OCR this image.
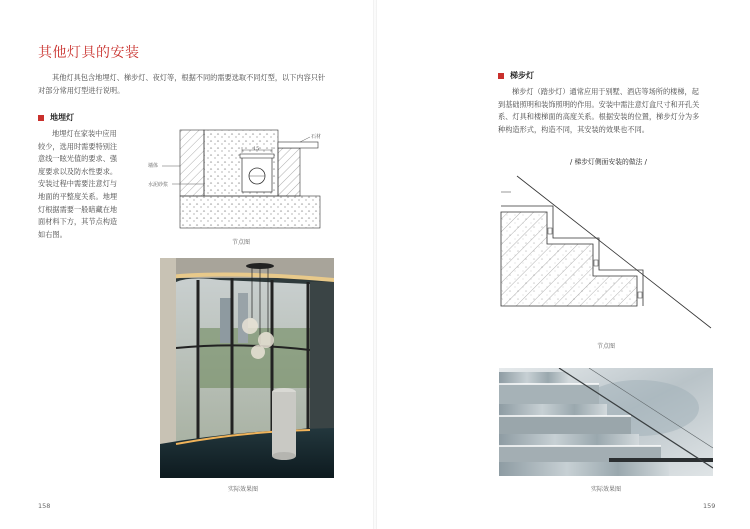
其他灯具的安装
其他灯具包含地埋灯、梯步灯、夜灯等，根据不同的需要选取不同灯型，以下内容只针
对部分常用灯型进行说明。
地埋灯
地埋灯在家装中应用
较少，选用时需要特别注
意线一眩光值的要求、强
度要求以及防水性要求。
安装过程中需要注意灯与
地面的平整度关系。地埋
灯根据需要一般暗藏在地
面材料下方，其节点构造
如右图。
石材
15
墙体
水泥砂浆
节点图
实际效果图
158
梯步灯
梯步灯（踏步灯）通常应用于别墅、酒店等场所的楼梯，起
到基础照明和装饰照明的作用。安装中需注意灯盒尺寸和开孔关
系、灯具和楼梯面的高度关系。根据安装的位置，梯步灯分为多
种构造形式，构造不同，其安装的效果也不同。
/ 梯步灯侧面安装的做法 /
节点图
实际效果图
159
